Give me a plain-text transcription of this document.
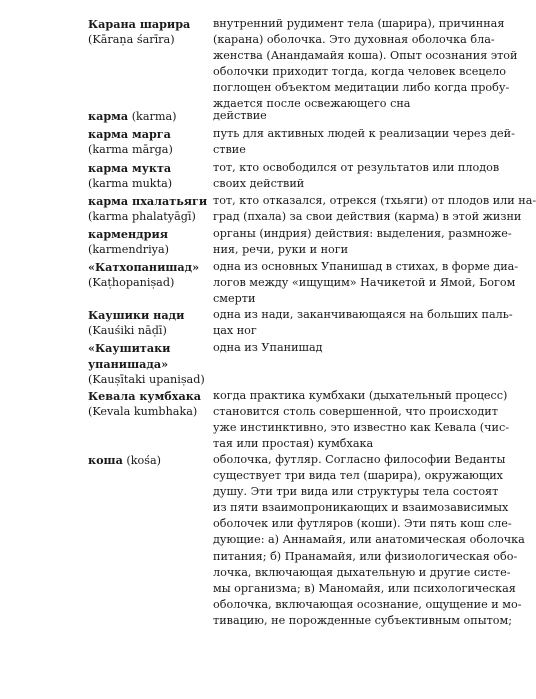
Карана шарира
(Kāraṇa śarīra)
внутренний рудимент тела (шарира), причинная
(карана) оболочка. Это духовная оболочка бла-
женства (Анандамайя коша). Опыт осознания этой
оболочки приходит тогда, когда человек всецело
поглощен объектом медитации либо когда пробу-
ждается после освежающего сна
карма (karma)	действие
карма марга
(karma mārga)
путь для активных людей к реализации через дей-
ствие
карма мукта
(karma mukta)
тот, кто освободился от результатов или плодов
своих действий
карма пхалатьяги
(karma phalatyāgī)
тот, кто отказался, отрекся (тхьяги) от плодов или на-
град (пхала) за свои действия (карма) в этой жизни
кармендрия
(karmendriya)
органы (индрия) действия: выделения, размноже-
ния, речи, руки и ноги
«Катхопанишад»
(Kaṭhopaniṣad)
одна из основных Упанишад в стихах, в форме диа-
логов между «ищущим» Начикетой и Ямой, Богом
смерти
Каушики нади
(Kauśiki nāḍī)
одна из нади, заканчивающаяся на больших паль-
цах ног
«Каушитаки
упанишада»
(Kauṣītaki upaniṣad)
одна из Упанишад
Кевала кумбхака
(Kevala kumbhaka)
когда практика кумбхаки (дыхательный процесс)
становится столь совершенной, что происходит
уже инстинктивно, это известно как Кевала (чис-
тая или простая) кумбхака
коша (kośa)	оболочка, футляр. Согласно философии Веданты
существует три вида тел (шарира), окружающих
душу. Эти три вида или структуры тела состоят
из пяти взаимопроникающих и взаимозависимых
оболочек или футляров (коши). Эти пять кош сле-
дующие: а) Аннамайя, или анатомическая оболочка
питания; б) Пранамайя, или физиологическая обо-
лочка, включающая дыхательную и другие систе-
мы организма; в) Маномайя, или психологическая
оболочка, включающая осознание, ощущение и мо-
тивацию, не порожденные субъективным опытом;
